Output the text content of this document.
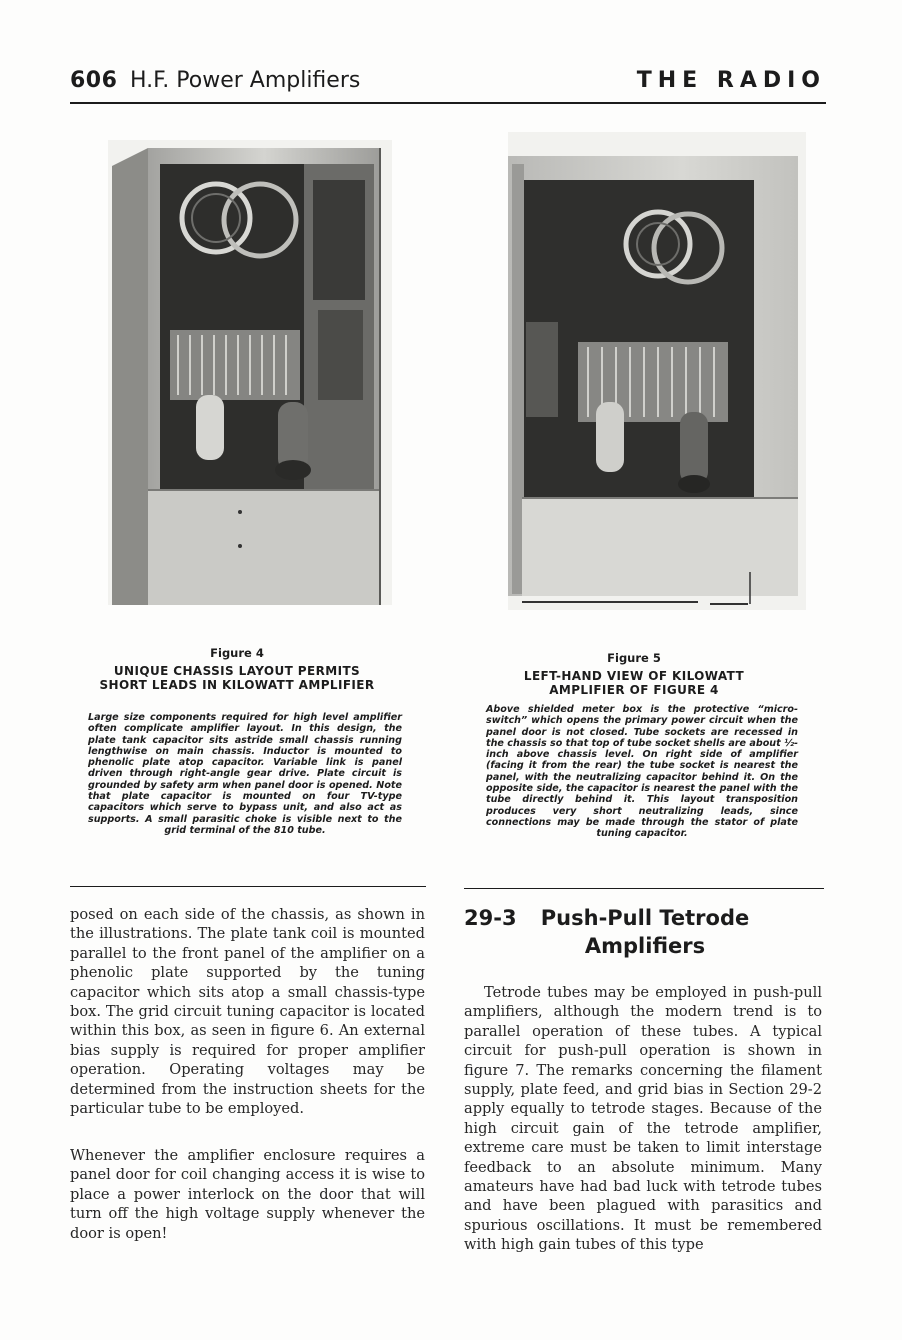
606 H.F. Power Amplifiers	THE RADIO
Figure 4
UNIQUE CHASSIS LAYOUT PERMITS SHORT LEADS IN KILOWATT AMPLIFIER
Large size components required for high level amplifier often complicate amplifier layout. In this design, the plate tank capacitor sits astride small chassis running lengthwise on main chassis. Inductor is mounted to phenolic plate atop capacitor. Variable link is panel driven through right-angle gear drive. Plate circuit is grounded by safety arm when panel door is opened. Note that plate capacitor is mounted on four TV-type capacitors which serve to bypass unit, and also act as supports. A small parasitic choke is visible next to the grid terminal of the 810 tube.
Figure 5
LEFT-HAND VIEW OF KILOWATT AMPLIFIER OF FIGURE 4
Above shielded meter box is the protective “micro-switch” which opens the primary power circuit when the panel door is not closed. Tube sockets are recessed in the chassis so that top of tube socket shells are about ½-inch above chassis level. On right side of amplifier (facing it from the rear) the tube socket is nearest the panel, with the neutralizing capacitor behind it. On the opposite side, the capacitor is nearest the panel with the tube directly behind it. This layout transposition produces very short neutralizing leads, since connections may be made through the stator of plate tuning capacitor.

posed on each side of the chassis, as shown in the illustrations. The plate tank coil is mounted parallel to the front panel of the amplifier on a phenolic plate supported by the tuning capacitor which sits atop a small chassis-type box. The grid circuit tuning capacitor is located within this box, as seen in figure 6. An external bias supply is required for proper amplifier operation. Operating voltages may be determined from the instruction sheets for the particular tube to be employed.

Whenever the amplifier enclosure requires a panel door for coil changing access it is wise to place a power interlock on the door that will turn off the high voltage supply whenever the door is open!

29-3	Push-Pull Tetrode Amplifiers

Tetrode tubes may be employed in push-pull amplifiers, although the modern trend is to parallel operation of these tubes. A typical circuit for push-pull operation is shown in figure 7. The remarks concerning the filament supply, plate feed, and grid bias in Section 29-2 apply equally to tetrode stages. Because of the high circuit gain of the tetrode amplifier, extreme care must be taken to limit interstage feedback to an absolute minimum. Many amateurs have had bad luck with tetrode tubes and have been plagued with parasitics and spurious oscillations. It must be remembered with high gain tubes of this type
